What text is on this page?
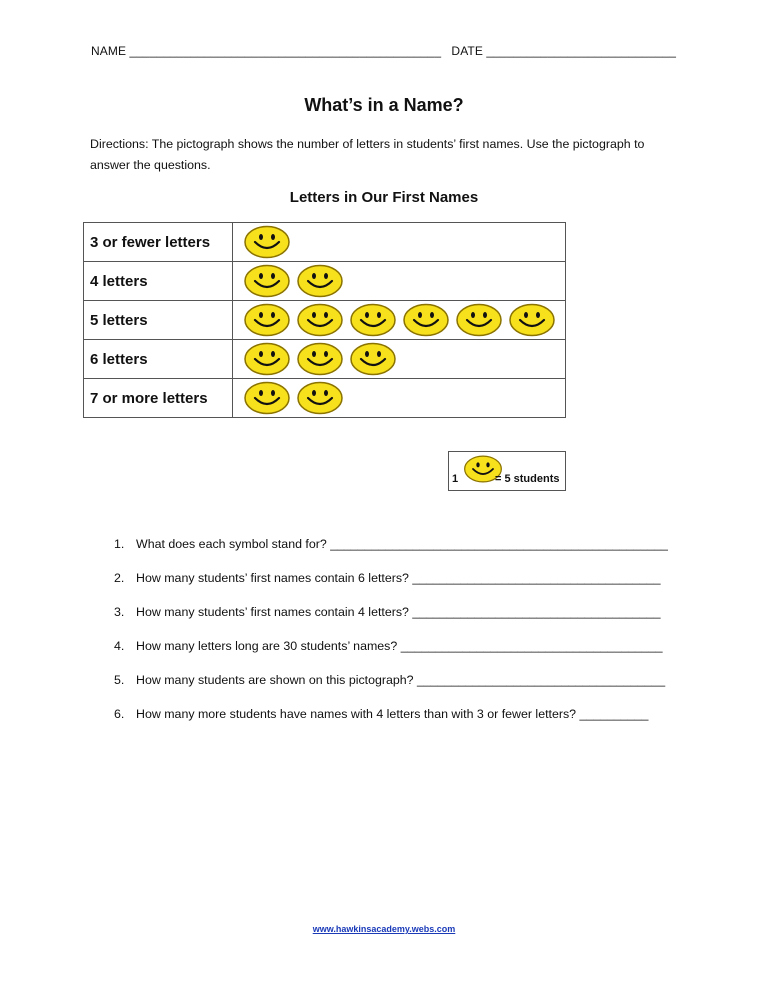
NAME ______________________________________________ DATE ____________________________
What’s in a Name?
Directions: The pictograph shows the number of letters in students’ first names. Use the pictograph to answer the questions.
Letters in Our First Names
3 or fewer letters	
4 letters	
5 letters	
6 letters	
7 or more letters	
1	= 5 students
1. What does each symbol stand for? _________________________________________________
2. How many students’ first names contain 6 letters? ____________________________________
3. How many students’ first names contain 4 letters? ____________________________________
4. How many letters long are 30 students’ names? ______________________________________
5. How many students are shown on this pictograph? ____________________________________
6. How many more students have names with 4 letters than with 3 or fewer letters? __________
www.hawkinsacademy.webs.com
